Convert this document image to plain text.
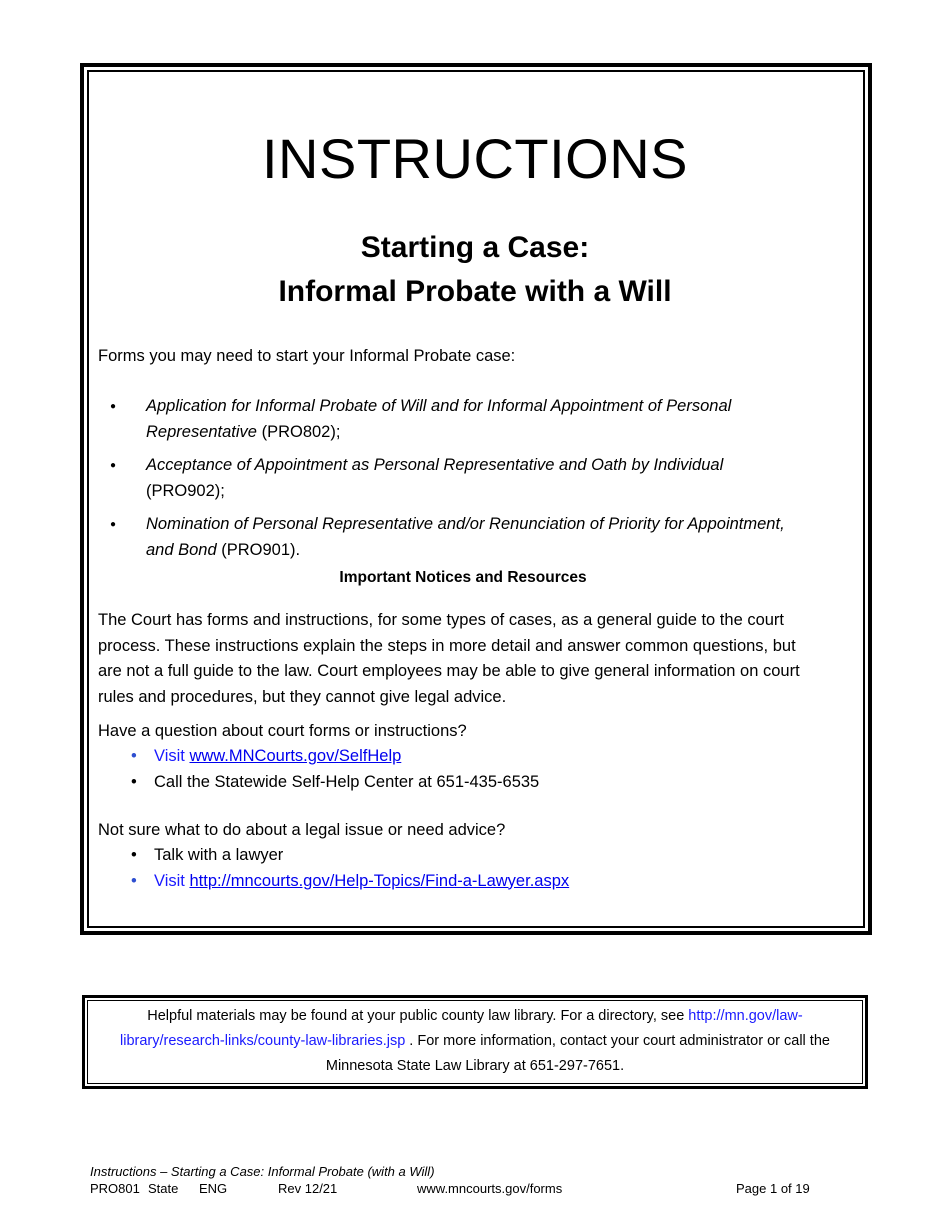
INSTRUCTIONS
Starting a Case:
Informal Probate with a Will
Forms you may need to start your Informal Probate case:
● Application for Informal Probate of Will and for Informal Appointment of Personal Representative (PRO802);
● Acceptance of Appointment as Personal Representative and Oath by Individual (PRO902);
● Nomination of Personal Representative and/or Renunciation of Priority for Appointment, and Bond (PRO901).
Important Notices and Resources
The Court has forms and instructions, for some types of cases, as a general guide to the court process. These instructions explain the steps in more detail and answer common questions, but are not a full guide to the law. Court employees may be able to give general information on court rules and procedures, but they cannot give legal advice.
Have a question about court forms or instructions?
• Visit www.MNCourts.gov/SelfHelp
• Call the Statewide Self-Help Center at 651-435-6535
Not sure what to do about a legal issue or need advice?
• Talk with a lawyer
• Visit http://mncourts.gov/Help-Topics/Find-a-Lawyer.aspx

Helpful materials may be found at your public county law library. For a directory, see http://mn.gov/law-library/research-links/county-law-libraries.jsp . For more information, contact your court administrator or call the Minnesota State Law Library at 651-297-7651.

Instructions – Starting a Case: Informal Probate (with a Will)
PRO801 State ENG	Rev 12/21	www.mncourts.gov/forms	Page 1 of 19
